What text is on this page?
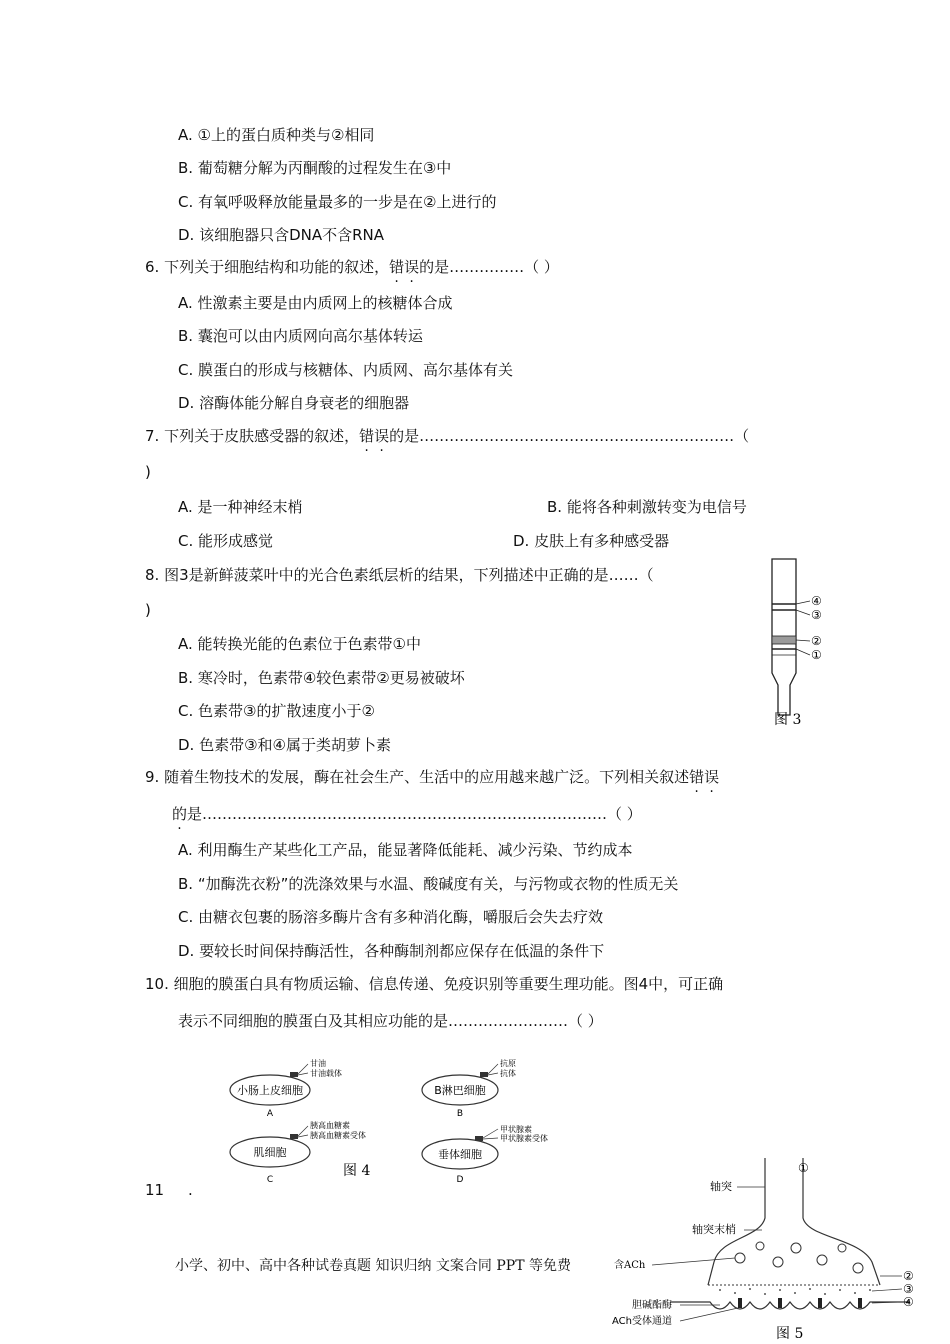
A. ①上的蛋白质种类与②相同
B. 葡萄糖分解为丙酮酸的过程发生在③中
C. 有氧呼吸释放能量最多的一步是在②上进行的
D. 该细胞器只含DNA不含RNA
6. 下列关于细胞结构和功能的叙述，错误的是……………（ ）
A. 性激素主要是由内质网上的核糖体合成
B. 囊泡可以由内质网向高尔基体转运
C. 膜蛋白的形成与核糖体、内质网、高尔基体有关
D. 溶酶体能分解自身衰老的细胞器
7. 下列关于皮肤感受器的叙述，错误的是………………………………………………………（
)
A. 是一种神经末梢	B. 能将各种刺激转变为电信号
C. 能形成感觉	D. 皮肤上有多种感受器
8. 图3是新鲜菠菜叶中的光合色素纸层析的结果，下列描述中正确的是……（
)
A. 能转换光能的色素位于色素带①中
B. 寒冷时，色素带④较色素带②更易被破坏
C. 色素带③的扩散速度小于②
D. 色素带③和④属于类胡萝卜素
④
③
②
①
图 3
9. 随着生物技术的发展，酶在社会生产、生活中的应用越来越广泛。下列相关叙述错误
的是………………………………………………………………………（ ）
A. 利用酶生产某些化工产品，能显著降低能耗、减少污染、节约成本
B. “加酶洗衣粉”的洗涤效果与水温、酸碱度有关，与污物或衣物的性质无关
C. 由糖衣包裹的肠溶多酶片含有多种消化酶，嚼服后会失去疗效
D. 要较长时间保持酶活性，各种酶制剂都应保存在低温的条件下
10. 细胞的膜蛋白具有物质运输、信息传递、免疫识别等重要生理功能。图4中，可正确
表示不同细胞的膜蛋白及其相应功能的是……………………（ ）
小肠上皮细胞
甘油
甘油载体
A
B淋巴细胞
抗原
抗体
B
肌细胞
胰高血糖素
胰高血糖素受体
C
垂体细胞
甲状腺素
甲状腺素受体
D
图 4
11 .
小学、初中、高中各种试卷真题 知识归纳 文案合同 PPT 等免费
轴突
轴突末梢
含ACh
胆碱酯酶
ACh受体通道
①
②
③
④
图 5
